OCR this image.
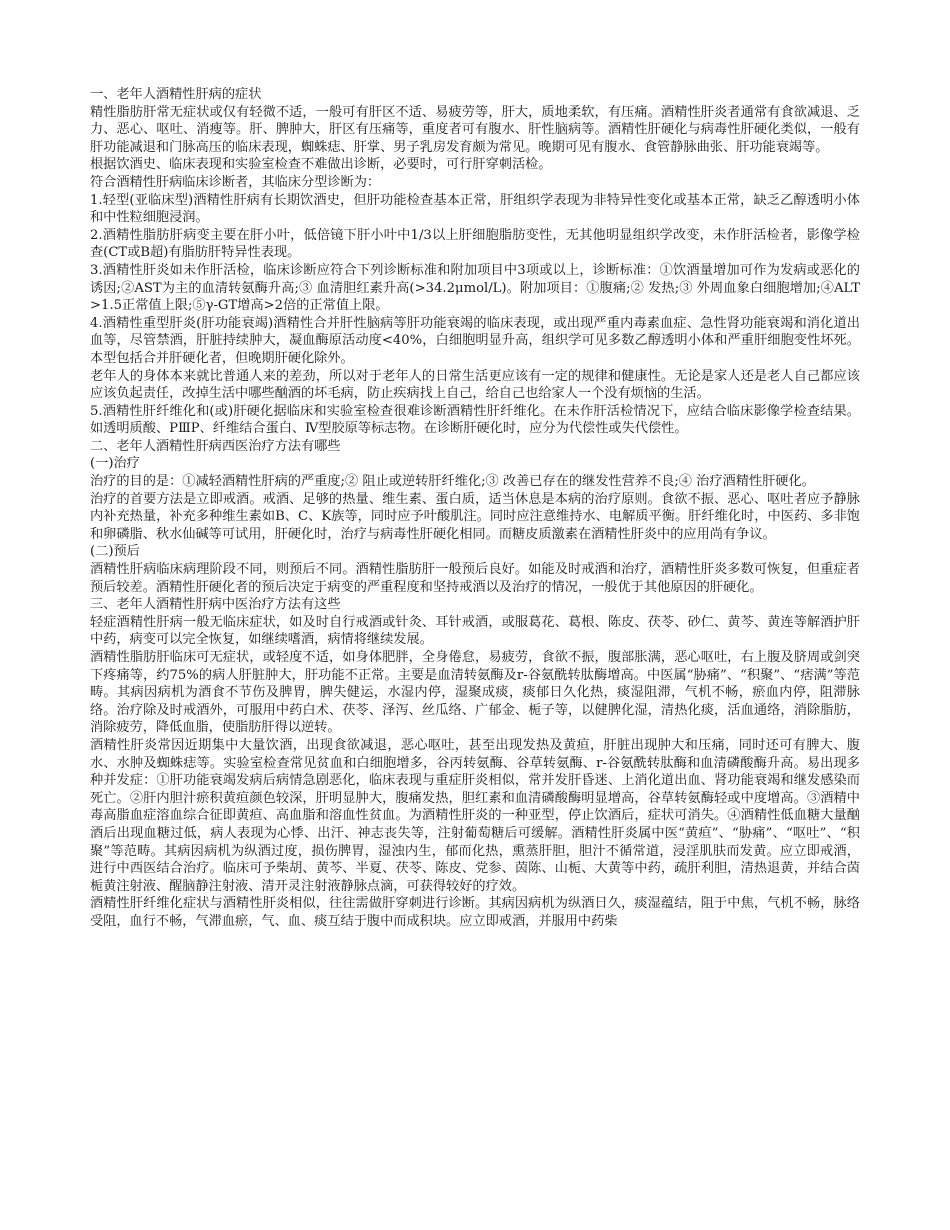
一、老年人酒精性肝病的症状

精性脂肪肝常无症状或仅有轻微不适，一般可有肝区不适、易疲劳等，肝大，质地柔软，有压痛。酒精性肝炎者通常有食欲减退、乏力、恶心、呕吐、消瘦等。肝、脾肿大，肝区有压痛等，重度者可有腹水、肝性脑病等。酒精性肝硬化与病毒性肝硬化类似，一般有肝功能减退和门脉高压的临床表现，蜘蛛痣、肝掌、男子乳房发育颇为常见。晚期可见有腹水、食管静脉曲张、肝功能衰竭等。

根据饮酒史、临床表现和实验室检查不难做出诊断，必要时，可行肝穿刺活检。

符合酒精性肝病临床诊断者，其临床分型诊断为：

1.轻型(亚临床型)酒精性肝病有长期饮酒史，但肝功能检查基本正常，肝组织学表现为非特异性变化或基本正常，缺乏乙醇透明小体和中性粒细胞浸润。

2.酒精性脂肪肝病变主要在肝小叶，低倍镜下肝小叶中1/3以上肝细胞脂肪变性，无其他明显组织学改变，未作肝活检者，影像学检查(CT或B超)有脂肪肝特异性表现。

3.酒精性肝炎如未作肝活检，临床诊断应符合下列诊断标准和附加项目中3项或以上，诊断标准：①饮酒量增加可作为发病或恶化的诱因;②AST为主的血清转氨酶升高;③ 血清胆红素升高(>34.2μmol/L)。附加项目：①腹痛;② 发热;③ 外周血象白细胞增加;④ALT>1.5正常值上限;⑤γ-GT增高>2倍的正常值上限。

4.酒精性重型肝炎(肝功能衰竭)酒精性合并肝性脑病等肝功能衰竭的临床表现，或出现严重内毒素血症、急性肾功能衰竭和消化道出血等，尽管禁酒，肝脏持续肿大，凝血酶原活动度<40%，白细胞明显升高，组织学可见多数乙醇透明小体和严重肝细胞变性坏死。本型包括合并肝硬化者，但晚期肝硬化除外。

老年人的身体本来就比普通人来的差劲，所以对于老年人的日常生活更应该有一定的规律和健康性。无论是家人还是老人自己都应该应该负起责任，改掉生活中哪些酗酒的坏毛病，防止疾病找上自己，给自己也给家人一个没有烦恼的生活。

5.酒精性肝纤维化和(或)肝硬化据临床和实验室检查很难诊断酒精性肝纤维化。在未作肝活检情况下，应结合临床影像学检查结果。如透明质酸、PⅢP、纤维结合蛋白、Ⅳ型胶原等标志物。在诊断肝硬化时，应分为代偿性或失代偿性。

二、老年人酒精性肝病西医治疗方法有哪些

(一)治疗

治疗的目的是：①减轻酒精性肝病的严重度;② 阻止或逆转肝纤维化;③ 改善已存在的继发性营养不良;④ 治疗酒精性肝硬化。

治疗的首要方法是立即戒酒。戒酒、足够的热量、维生素、蛋白质，适当休息是本病的治疗原则。食欲不振、恶心、呕吐者应予静脉内补充热量，补充多种维生素如B、C、K族等，同时应予叶酸肌注。同时应注意维持水、电解质平衡。肝纤维化时，中医药、多非饱和卵磷脂、秋水仙碱等可试用，肝硬化时，治疗与病毒性肝硬化相同。而糖皮质激素在酒精性肝炎中的应用尚有争议。

(二)预后

酒精性肝病临床病理阶段不同，则预后不同。酒精性脂肪肝一般预后良好。如能及时戒酒和治疗，酒精性肝炎多数可恢复，但重症者预后较差。酒精性肝硬化者的预后决定于病变的严重程度和坚持戒酒以及治疗的情况，一般优于其他原因的肝硬化。

三、老年人酒精性肝病中医治疗方法有这些

轻症酒精性肝病一般无临床症状，如及时自行戒酒或针灸、耳针戒酒，或服葛花、葛根、陈皮、茯苓、砂仁、黄芩、黄连等解酒护肝中药，病变可以完全恢复，如继续嗜酒，病情将继续发展。

酒精性脂肪肝临床可无症状，或轻度不适，如身体肥胖，全身倦怠，易疲劳，食欲不振，腹部胀满，恶心呕吐，右上腹及脐周或剑突下疼痛等，约75%的病人肝脏肿大，肝功能不正常。主要是血清转氨酶及r-谷氨酰转肽酶增高。中医属“胁痛”、“积聚”、“痞满”等范畴。其病因病机为酒食不节伤及脾胃，脾失健运，水湿内停，湿聚成痰，痰郁日久化热，痰湿阻滞，气机不畅，瘀血内停，阻滞脉络。治疗除及时戒酒外，可服用中药白术、茯苓、泽泻、丝瓜络、广郁金、栀子等，以健脾化湿，清热化痰，活血通络，消除脂肪，消除疲劳，降低血脂，使脂肪肝得以逆转。

酒精性肝炎常因近期集中大量饮酒，出现食欲减退，恶心呕吐，甚至出现发热及黄疸，肝脏出现肿大和压痛，同时还可有脾大、腹水、水肿及蜘蛛痣等。实验室检查常见贫血和白细胞增多，谷丙转氨酶、谷草转氨酶、r-谷氨酰转肽酶和血清磷酸酶升高。易出现多种并发症：①肝功能衰竭发病后病情急剧恶化，临床表现与重症肝炎相似，常并发肝昏迷、上消化道出血、肾功能衰竭和继发感染而死亡。②肝内胆汁瘀积黄疸颜色较深，肝明显肿大，腹痛发热，胆红素和血清磷酸酶明显增高，谷草转氨酶轻或中度增高。③酒精中毒高脂血症溶血综合征即黄疸、高血脂和溶血性贫血。为酒精性肝炎的一种亚型，停止饮酒后，症状可消失。④酒精性低血糖大量酗酒后出现血糖过低，病人表现为心悸、出汗、神志丧失等，注射葡萄糖后可缓解。酒精性肝炎属中医“黄疸”、“胁痛”、“呕吐”、“积聚”等范畴。其病因病机为纵酒过度，损伤脾胃，湿浊内生，郁而化热，熏蒸肝胆，胆汁不循常道，浸淫肌肤而发黄。应立即戒酒，进行中西医结合治疗。临床可予柴胡、黄芩、半夏、茯苓、陈皮、党参、茵陈、山栀、大黄等中药，疏肝利胆，清热退黄，并结合茵栀黄注射液、醒脑静注射液、清开灵注射液静脉点滴，可获得较好的疗效。

酒精性肝纤维化症状与酒精性肝炎相似，往往需做肝穿刺进行诊断。其病因病机为纵酒日久，痰湿蕴结，阻于中焦，气机不畅，脉络受阻，血行不畅，气滞血瘀，气、血、痰互结于腹中而成积块。应立即戒酒，并服用中药柴
